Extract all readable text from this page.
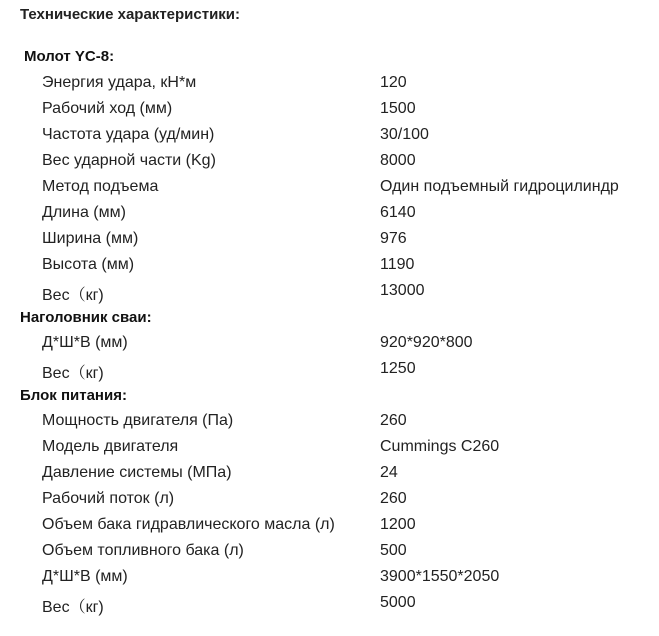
Технические характеристики:
Молот YC-8:
Энергия удара, кН*м	120
Рабочий ход (мм)	1500
Частота удара (уд/мин)	30/100
Вес ударной части (Kg)	8000
Метод подъема	Один подъемный гидроцилиндр
Длина (мм)	6140
Ширина (мм)	976
Высота (мм)	1190
Вес（кг)	13000
Наголовник сваи:
Д*Ш*В (мм)	920*920*800
Вес（кг)	1250
Блок питания:
Мощность двигателя (Па)	260
Модель двигателя	Cummings C260
Давление системы (МПа)	24
Рабочий поток (л)	260
Объем бака гидравлического масла (л)	1200
Объем топливного бака (л)	500
Д*Ш*В (мм)	3900*1550*2050
Вес（кг)	5000
